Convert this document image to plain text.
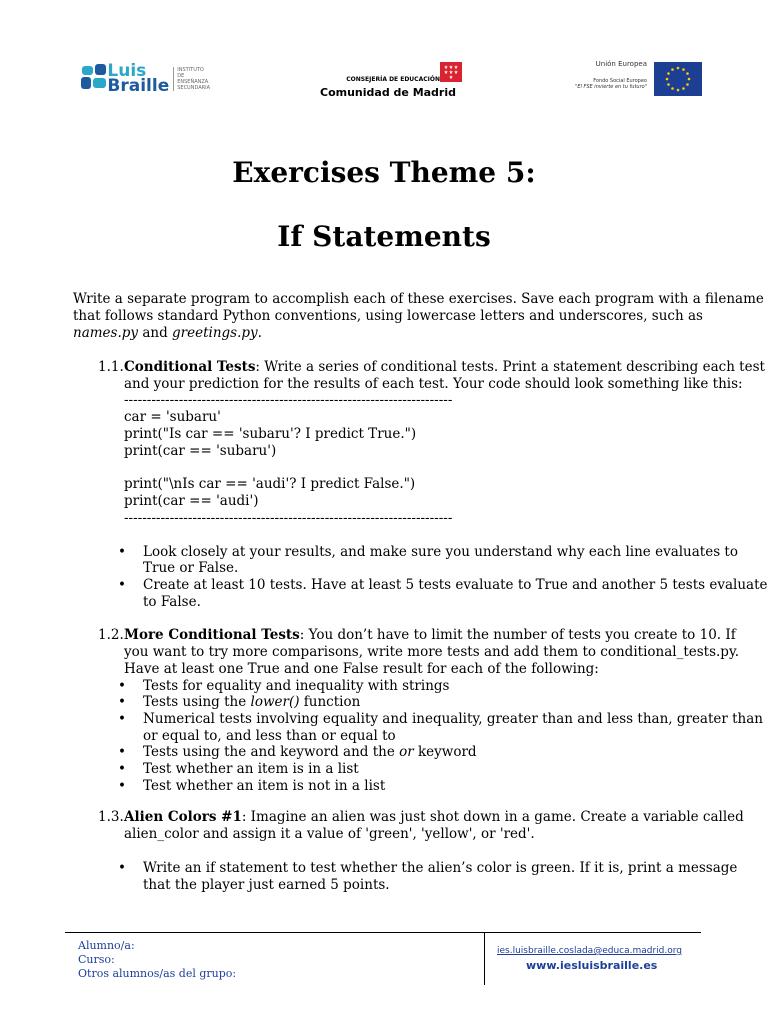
Luis
Braille
INSTITUTO DE ENSEÑANZA SECUNDARIA
CONSEJERÍA DE EDUCACIÓN
Comunidad de Madrid
Unión Europea
Fondo Social Europeo
"El FSE invierte en tu futuro"
Exercises Theme 5:
If Statements
Write a separate program to accomplish each of these exercises. Save each program with a filename
that follows standard Python conventions, using lowercase letters and underscores, such as
names.py and greetings.py.
1.1. Conditional Tests: Write a series of conditional tests. Print a statement describing each test
and your prediction for the results of each test. Your code should look something like this:
------------------------------------------------------------------------
car = 'subaru'
print("Is car == 'subaru'? I predict True.")
print(car == 'subaru')
print("\nIs car == 'audi'? I predict False.")
print(car == 'audi')
------------------------------------------------------------------------
• Look closely at your results, and make sure you understand why each line evaluates to
True or False.
• Create at least 10 tests. Have at least 5 tests evaluate to True and another 5 tests evaluate
to False.
1.2. More Conditional Tests: You don’t have to limit the number of tests you create to 10. If
you want to try more comparisons, write more tests and add them to conditional_tests.py.
Have at least one True and one False result for each of the following:
• Tests for equality and inequality with strings
• Tests using the lower() function
• Numerical tests involving equality and inequality, greater than and less than, greater than
or equal to, and less than or equal to
• Tests using the and keyword and the or keyword
• Test whether an item is in a list
• Test whether an item is not in a list
1.3. Alien Colors #1: Imagine an alien was just shot down in a game. Create a variable called
alien_color and assign it a value of 'green', 'yellow', or 'red'.
• Write an if statement to test whether the alien’s color is green. If it is, print a message
that the player just earned 5 points.
Alumno/a:
Curso:
Otros alumnos/as del grupo:
ies.luisbraille.coslada@educa.madrid.org
www.iesluisbraille.es
